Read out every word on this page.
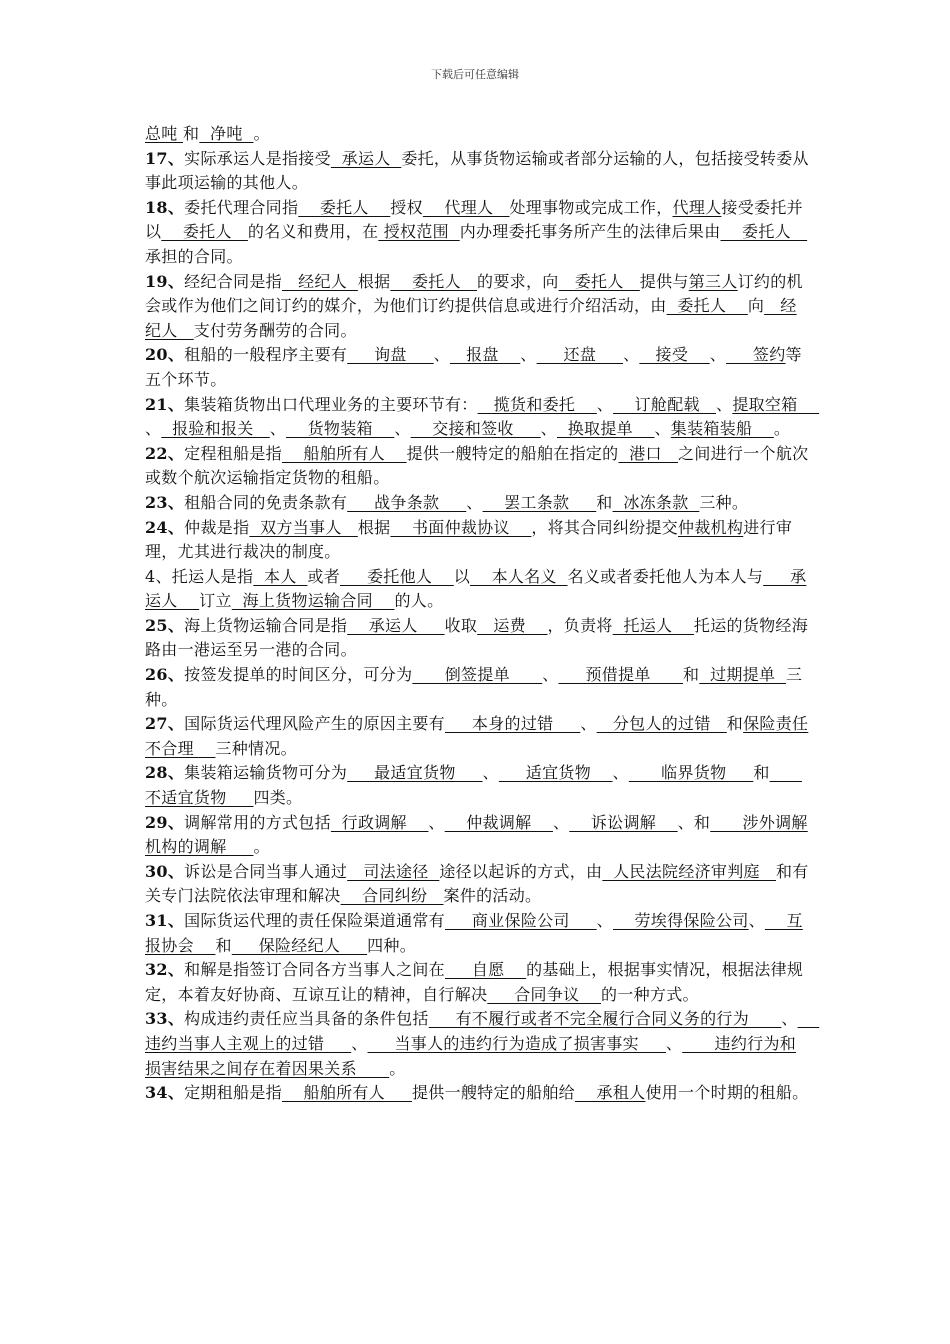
下载后可任意编辑

总吨 和  净吨  。

17、实际承运人是指接受  承运人  委托，从事货物运输或者部分运输的人，包括接受转委从事此项运输的其他人。

18、委托代理合同指    委托人    授权    代理人   处理事物或完成工作，代理人接受委托并以    委托人   的名义和费用，在 授权范围  内办理委托事务所产生的法律后果由    委托人   承担的合同。

19、经纪合同是指   经纪人  根据    委托人   的要求，向   委托人   提供与第三人订约的机会或作为他们之间订约的媒介，为他们订约提供信息或进行介绍活动，由  委托人    向   经纪人   支付劳务酬劳的合同。

20、租船的一般程序主要有     询盘     、   报盘    、     还盘     、   接受    、     签约等五个环节。

21、集装箱货物出口代理业务的主要环节有：   揽货和委托    、    订舱配载   、提取空箱    、  报验和报关   、    货物装箱    、    交接和签收     、  换取提单    、集装箱装船    。

22、定程租船是指    船舶所有人    提供一艘特定的船舶在指定的  港口   之间进行一个航次或数个航次运输指定货物的租船。

23、租船合同的免责条款有     战争条款     、    罢工条款     和  冰冻条款  三种。

24、仲裁是指  双方当事人   根据    书面仲裁协议    ，将其合同纠纷提交仲裁机构进行审理，尤其进行裁决的制度。

4、托运人是指  本人  或者     委托他人    以    本人名义  名义或者委托他人为本人与     承运人    订立  海上货物运输合同    的人。

25、海上货物运输合同是指    承运人     收取   运费    ，负责将  托运人    托运的货物经海路由一港运至另一港的合同。

26、按签发提单的时间区分，可分为      倒签提单      、     预借提单      和  过期提单  三种。

27、国际货运代理风险产生的原因主要有     本身的过错     、   分包人的过错   和保险责任不合理    三种情况。

28、集装箱运输货物可分为     最适宜货物     、     适宜货物    、      临界货物     和      不适宜货物     四类。

29、调解常用的方式包括  行政调解    、    仲裁调解    、    诉讼调解    、和      涉外调解机构的调解     。

30、诉讼是合同当事人通过   司法途径  途径以起诉的方式，由  人民法院经济审判庭   和有关专门法院依法审理和解决    合同纠纷   案件的活动。

31、国际货运代理的责任保险渠道通常有     商业保险公司     、    劳埃得保险公司、    互报协会    和     保险经纪人     四种。

32、和解是指签订合同各方当事人之间在     自愿    的基础上，根据事实情况，根据法律规定，本着友好协商、互谅互让的精神，自行解决     合同争议    的一种方式。

33、构成违约责任应当具备的条件包括     有不履行或者不完全履行合同义务的行为      、    违约当事人主观上的过错     、     当事人的违约行为造成了损害事实     、      违约行为和损害结果之间存在着因果关系      。

34、定期租船是指    船舶所有人     提供一艘特定的船舶给    承租人使用一个时期的租船。
